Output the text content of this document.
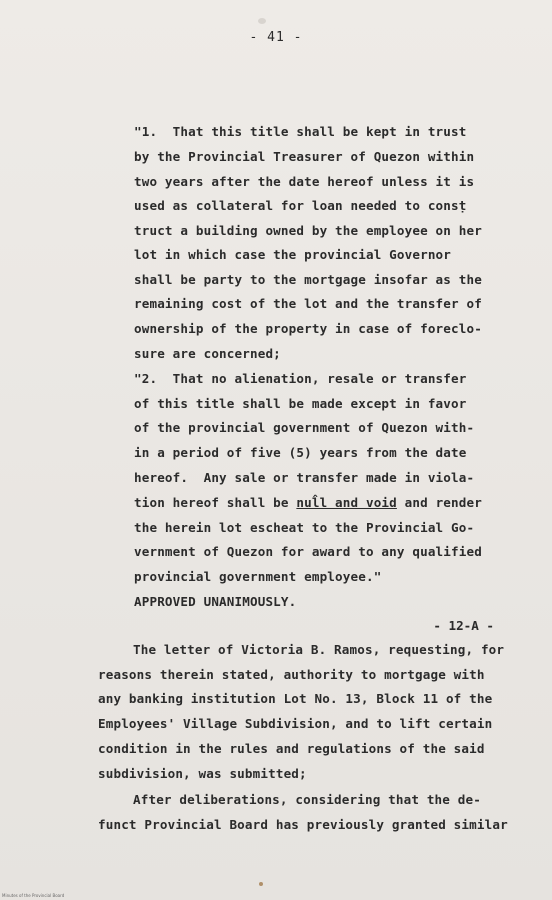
- 41 -
"1.  That this title shall be kept in trust
by the Provincial Treasurer of Quezon within
two years after the date hereof unless it is
used as collateral for loan needed to consṭ
truct a building owned by the employee on her
lot in which case the provincial Governor
shall be party to the mortgage insofar as the
remaining cost of the lot and the transfer of
ownership of the property in case of foreclo-
sure are concerned;
"2.  That no alienation, resale or transfer
of this title shall be made except in favor
of the provincial government of Quezon with-
in a period of five (5) years from the date
hereof.  Any sale or transfer made in viola-
tion hereof shall be nul̂l and void and render
the herein lot escheat to the Provincial Go-
vernment of Quezon for award to any qualified
provincial government employee."
APPROVED UNANIMOUSLY.
- 12-A -
The letter of Victoria B. Ramos, requesting, for
reasons therein stated, authority to mortgage with
any banking institution Lot No. 13, Block 11 of the
Employees' Village Subdivision, and to lift certain
condition in the rules and regulations of the said
subdivision, was submitted;
After deliberations, considering that the de-
funct Provincial Board has previously granted similar
Minutes of the Provincial Board
